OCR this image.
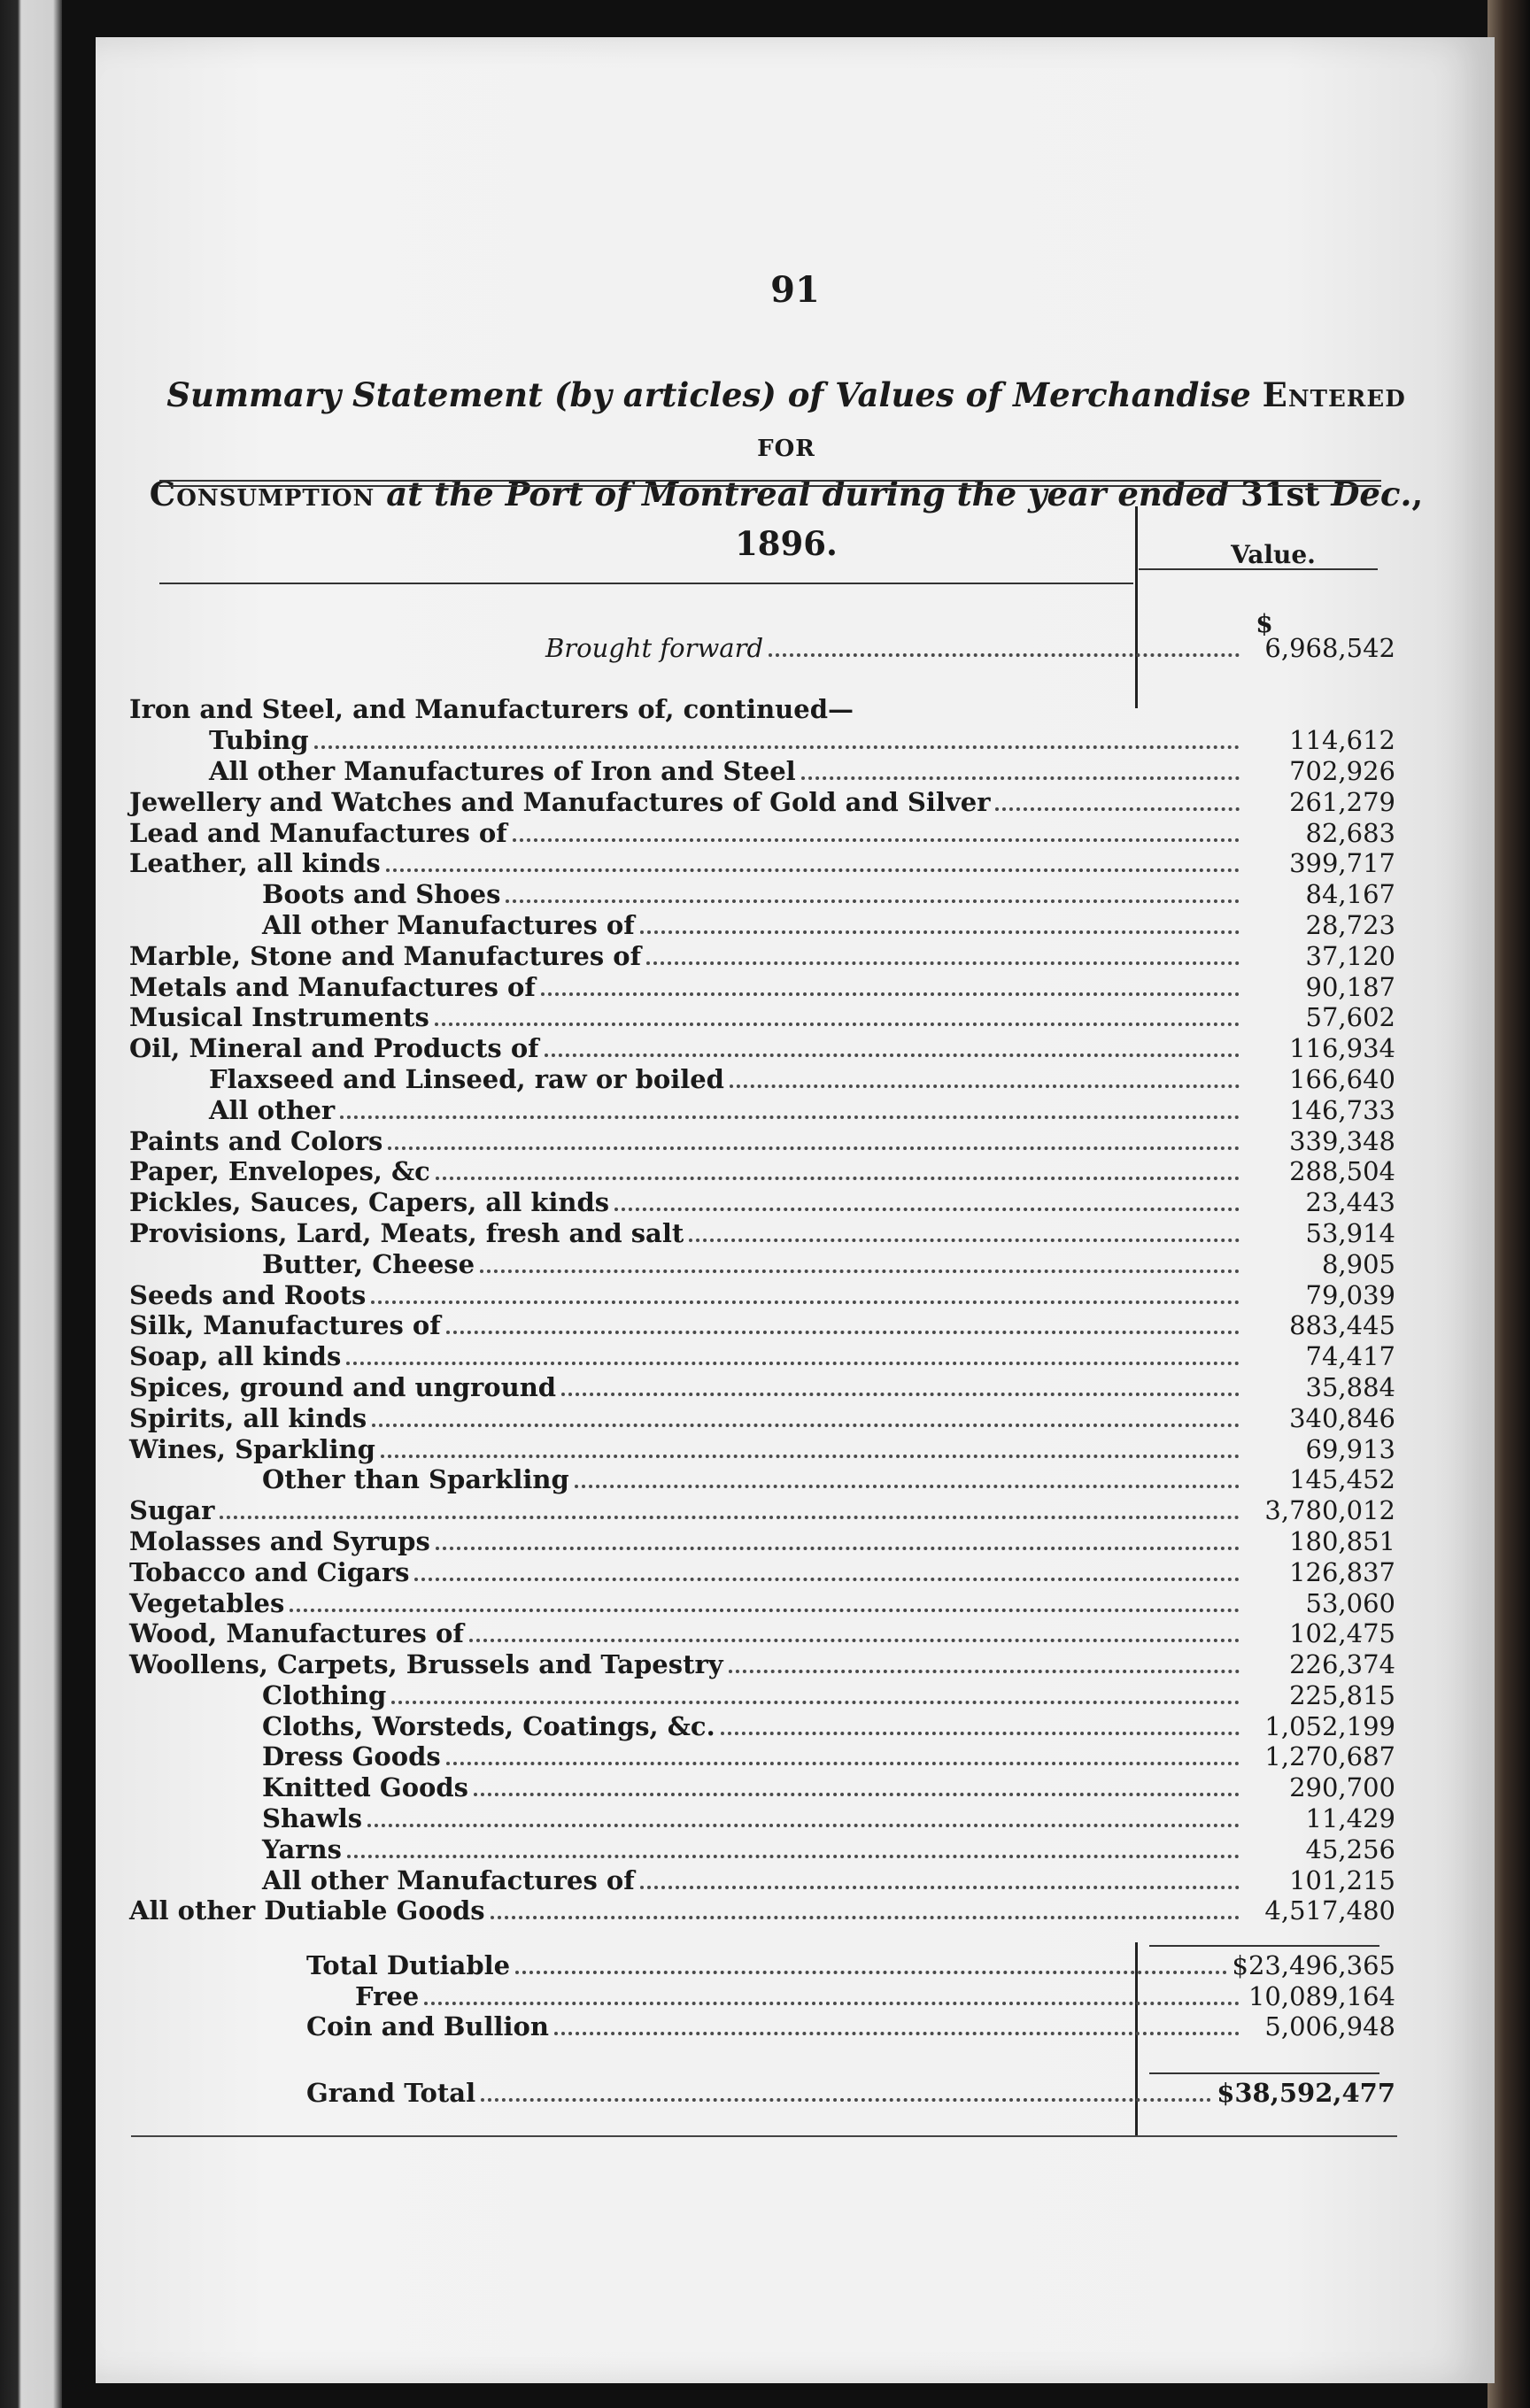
91
Summary Statement (by articles) of Values of Merchandise Entered for
Consumption at the Port of Montreal during the year ended 31st Dec., 1896.	Value.
$
Brought forward	6,968,542
Iron and Steel, and Manufacturers of, continued—
Tubing	114,612
All other Manufactures of Iron and Steel	702,926
Jewellery and Watches and Manufactures of Gold and Silver	261,279
Lead and Manufactures of	82,683
Leather, all kinds	399,717
Boots and Shoes	84,167
All other Manufactures of	28,723
Marble, Stone and Manufactures of	37,120
Metals and Manufactures of	90,187
Musical Instruments	57,602
Oil, Mineral and Products of	116,934
Flaxseed and Linseed, raw or boiled	166,640
All other	146,733
Paints and Colors	339,348
Paper, Envelopes, &c	288,504
Pickles, Sauces, Capers, all kinds	23,443
Provisions, Lard, Meats, fresh and salt	53,914
Butter, Cheese	8,905
Seeds and Roots	79,039
Silk, Manufactures of	883,445
Soap, all kinds	74,417
Spices, ground and unground	35,884
Spirits, all kinds	340,846
Wines, Sparkling	69,913
Other than Sparkling	145,452
Sugar	3,780,012
Molasses and Syrups	180,851
Tobacco and Cigars	126,837
Vegetables	53,060
Wood, Manufactures of	102,475
Woollens, Carpets, Brussels and Tapestry	226,374
Clothing	225,815
Cloths, Worsteds, Coatings, &c.	1,052,199
Dress Goods	1,270,687
Knitted Goods	290,700
Shawls	11,429
Yarns	45,256
All other Manufactures of	101,215
All other Dutiable Goods	4,517,480
Total Dutiable	$23,496,365
Free	10,089,164
Coin and Bullion	5,006,948
Grand Total	$38,592,477
